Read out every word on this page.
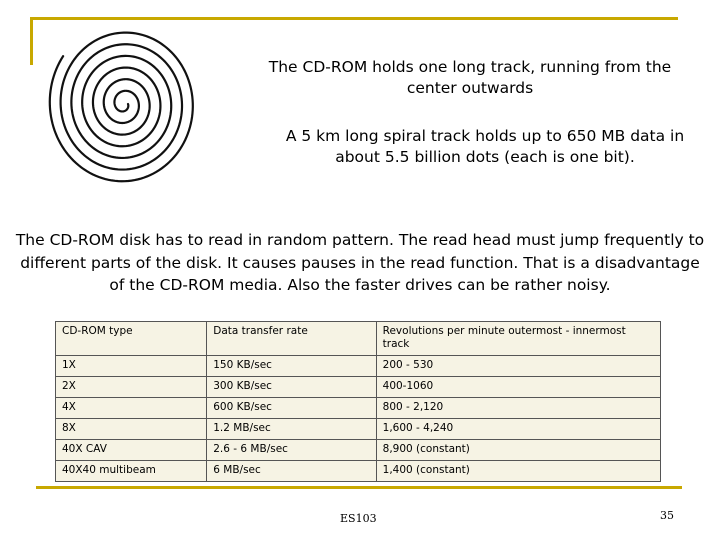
The CD-ROM holds one long track, running from the center outwards
A 5 km long spiral track holds up to 650 MB data in about 5.5 billion dots (each is one bit).
The CD-ROM disk has to read in random pattern. The read head must jump frequently to different parts of the disk. It causes pauses in the read function. That is a disadvantage of the CD-ROM media. Also the faster drives can be rather noisy.
CD-ROM type	Data transfer rate	Revolutions per minute outermost - innermost track
1X	150 KB/sec	200 - 530
2X	300 KB/sec	400-1060
4X	600 KB/sec	800 - 2,120
8X	1.2 MB/sec	1,600 - 4,240
40X CAV	2.6 - 6 MB/sec	8,900 (constant)
40X40 multibeam	6 MB/sec	1,400 (constant)
ES103	35
